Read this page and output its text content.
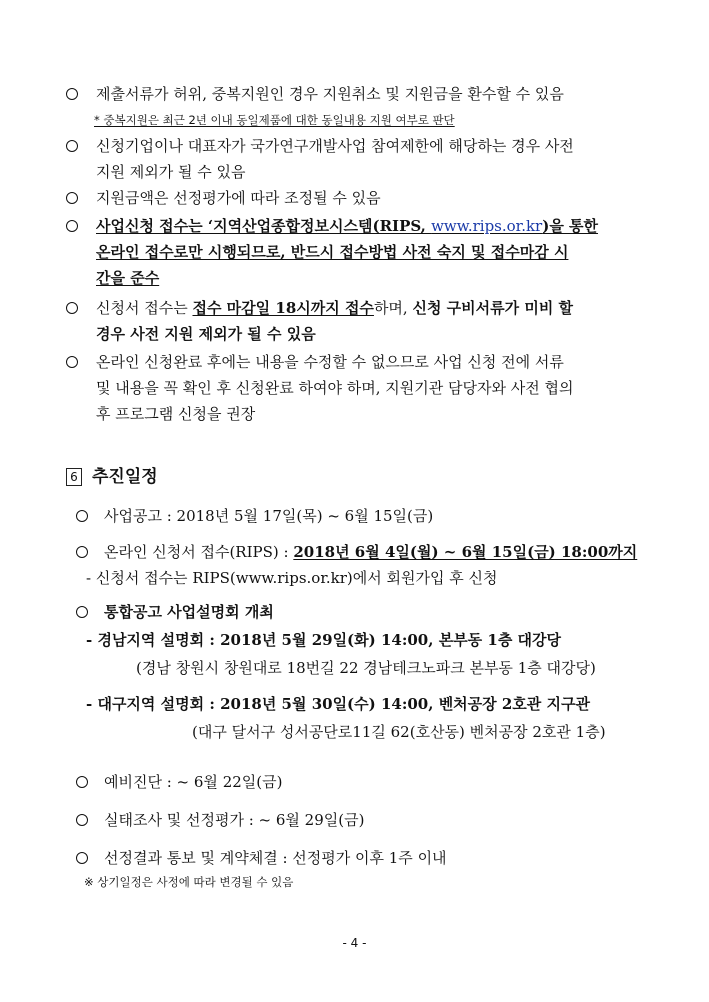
제출서류가 허위, 중복지원인 경우 지원취소 및 지원금을 환수할 수 있음
* 중복지원은 최근 2년 이내 동일제품에 대한 동일내용 지원 여부로 판단
신청기업이나 대표자가 국가연구개발사업 참여제한에 해당하는 경우 사전
지원 제외가 될 수 있음
지원금액은 선정평가에 따라 조정될 수 있음
사업신청 접수는 ‘지역산업종합정보시스템(RIPS, www.rips.or.kr)을 통한
온라인 접수로만 시행되므로, 반드시 접수방법 사전 숙지 및 접수마감 시
간을 준수
신청서 접수는 접수 마감일 18시까지 접수하며, 신청 구비서류가 미비 할
경우 사전 지원 제외가 될 수 있음
온라인 신청완료 후에는 내용을 수정할 수 없으므로 사업 신청 전에 서류
및 내용을 꼭 확인 후 신청완료 하여야 하며, 지원기관 담당자와 사전 협의
후 프로그램 신청을 권장
6 추진일정
사업공고 : 2018년 5월 17일(목) ~ 6월 15일(금)
온라인 신청서 접수(RIPS) : 2018년 6월 4일(월) ~ 6월 15일(금) 18:00까지
- 신청서 접수는 RIPS(www.rips.or.kr)에서 회원가입 후 신청
통합공고 사업설명회 개최
- 경남지역 설명회 : 2018년 5월 29일(화) 14:00, 본부동 1층 대강당
(경남 창원시 창원대로 18번길 22 경남테크노파크 본부동 1층 대강당)
- 대구지역 설명회 : 2018년 5월 30일(수) 14:00, 벤처공장 2호관 지구관
(대구 달서구 성서공단로11길 62(호산동) 벤처공장 2호관 1층)
예비진단 : ~ 6월 22일(금)
실태조사 및 선정평가 : ~ 6월 29일(금)
선정결과 통보 및 계약체결 : 선정평가 이후 1주 이내
※ 상기일정은 사정에 따라 변경될 수 있음
- 4 -
